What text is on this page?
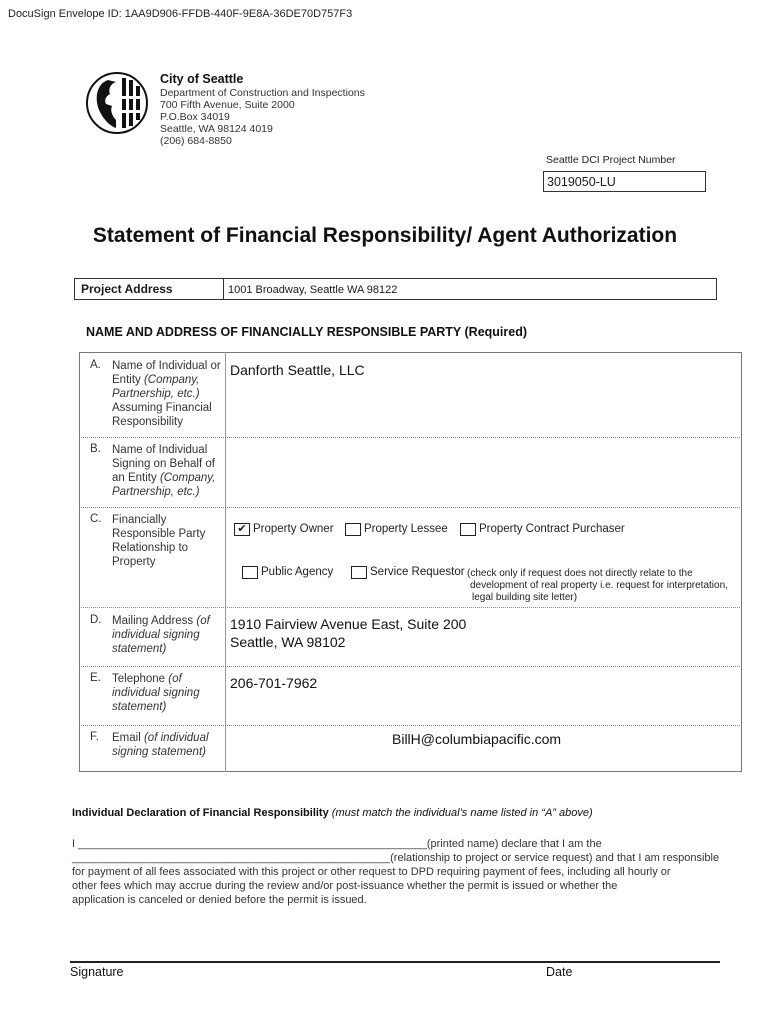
DocuSign Envelope ID: 1AA9D906-FFDB-440F-9E8A-36DE70D757F3
City of Seattle
Department of Construction and Inspections
700 Fifth Avenue, Suite 2000
P.O.Box 34019
Seattle, WA 98124 4019
(206) 684-8850
Seattle DCI Project Number
3019050-LU
Statement of Financial Responsibility/ Agent Authorization
Project Address	1001 Broadway, Seattle WA 98122
NAME AND ADDRESS OF FINANCIALLY RESPONSIBLE PARTY (Required)
A. Name of Individual or Entity (Company, Partnership, etc.) Assuming Financial Responsibility
Danforth Seattle, LLC
B. Name of Individual Signing on Behalf of an Entity (Company, Partnership, etc.)
C. Financially Responsible Party Relationship to Property
✔ Property Owner	Property Lessee	Property Contract Purchaser
Public Agency	Service Requestor (check only if request does not directly relate to the
development of real property i.e. request for interpretation,
legal building site letter)
D. Mailing Address (of individual signing statement)
1910 Fairview Avenue East, Suite 200
Seattle, WA 98102
E. Telephone (of individual signing statement)
206-701-7962
F.	Email (of individual signing statement)
BillH@columbiapacific.com
Individual Declaration of Financial Responsibility (must match the individual’s name listed in “A” above)
I _________________________________________________________(printed name) declare that I am the
____________________________________________________(relationship to project or service request) and that I am responsible
for payment of all fees associated with this project or other request to DPD requiring payment of fees, including all hourly or
other fees which may accrue during the review and/or post-issuance whether the permit is issued or whether the
application is canceled or denied before the permit is issued.
Signature	Date
